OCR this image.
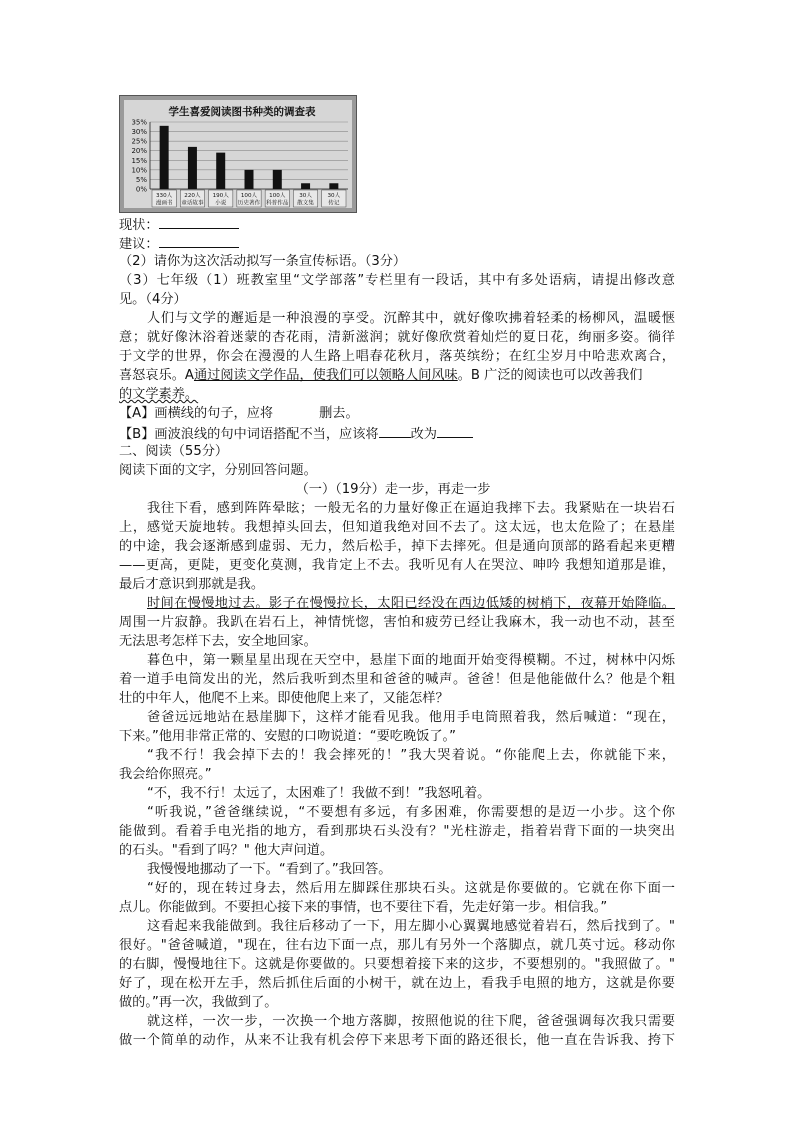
学生喜爱阅读图书种类的调查表
35%
30%
25%
20%
15%
10%
5%
0%
330人
漫画书
220人
童话故事
190人
小说
100人
历史著作
100人
科普作品
30人
散文集
30人
传记
现状：
建议：
（2）请你为这次活动拟写一条宣传标语。（3分）
（3）七年级（1）班教室里“文学部落”专栏里有一段话，其中有多处语病，请提出修改意
见。（4分）
人们与文学的邂逅是一种浪漫的享受。沉醉其中，就好像吹拂着轻柔的杨柳风，温暖惬
意；就好像沐浴着迷蒙的杏花雨，清新滋润；就好像欣赏着灿烂的夏日花，绚丽多姿。徜徉
于文学的世界，你会在漫漫的人生路上唱春花秋月，落英缤纷；在红尘岁月中哈悲欢离合，
喜怒哀乐。A通过阅读文学作品，使我们可以领略人间风味。B 广泛的阅读也可以改善我们
的文学素养。
【A】画横线的句子，应将	删去。
【B】画波浪线的句中词语搭配不当，应该将 改为
二、阅读（55分）
阅读下面的文字，分别回答问题。
（一）（19分）走一步，再走一步
我往下看，感到阵阵晕眩；一般无名的力量好像正在逼迫我摔下去。我紧贴在一块岩石
上，感觉天旋地转。我想掉头回去，但知道我绝对回不去了。这太远，也太危险了；在悬崖
的中途，我会逐渐感到虚弱、无力，然后松手，掉下去摔死。但是通向顶部的路看起来更糟
——更高，更陡，更变化莫测，我肯定上不去。我听见有人在哭泣、呻吟 我想知道那是谁，
最后才意识到那就是我。
时间在慢慢地过去。影子在慢慢拉长，太阳已经没在西边低矮的树梢下，夜幕开始降临。
周围一片寂静。我趴在岩石上，神情恍惚，害怕和疲劳已经让我麻木，我一动也不动，甚至
无法思考怎样下去，安全地回家。
暮色中，第一颗星星出现在天空中，悬崖下面的地面开始变得模糊。不过，树林中闪烁
着一道手电筒发出的光，然后我听到杰里和爸爸的喊声。爸爸！但是他能做什么？他是个粗
壮的中年人，他爬不上来。即使他爬上来了，又能怎样？
爸爸远远地站在悬崖脚下，这样才能看见我。他用手电筒照着我，然后喊道：“现在，
下来。”他用非常正常的、安慰的口吻说道：“要吃晚饭了。”
“我不行！我会掉下去的！我会摔死的！”我大哭着说。“你能爬上去，你就能下来，
我会给你照亮。”
“不，我不行！太远了，太困难了！我做不到！”我怒吼着。
“听我说，”爸爸继续说，“不要想有多远，有多困难，你需要想的是迈一小步。这个你
能做到。看着手电光指的地方，看到那块石头没有？"光柱游走，指着岩背下面的一块突出
的石头。"看到了吗？" 他大声问道。
我慢慢地挪动了一下。“看到了。”我回答。
“好的，现在转过身去，然后用左脚踩住那块石头。这就是你要做的。它就在你下面一
点儿。你能做到。不要担心接下来的事情，也不要往下看，先走好第一步。相信我。”
这看起来我能做到。我往后移动了一下，用左脚小心翼翼地感觉着岩石，然后找到了。"
很好。"爸爸喊道，"现在，往右边下面一点，那儿有另外一个落脚点，就几英寸远。移动你
的右脚，慢慢地往下。这就是你要做的。只要想着接下来的这步，不要想别的。"我照做了。"
好了，现在松开左手，然后抓住后面的小树干，就在边上，看我手电照的地方，这就是你要
做的。”再一次，我做到了。
就这样，一次一步，一次换一个地方落脚，按照他说的往下爬，爸爸强调每次我只需要
做一个简单的动作，从来不让我有机会停下来思考下面的路还很长，他一直在告诉我、挎下
